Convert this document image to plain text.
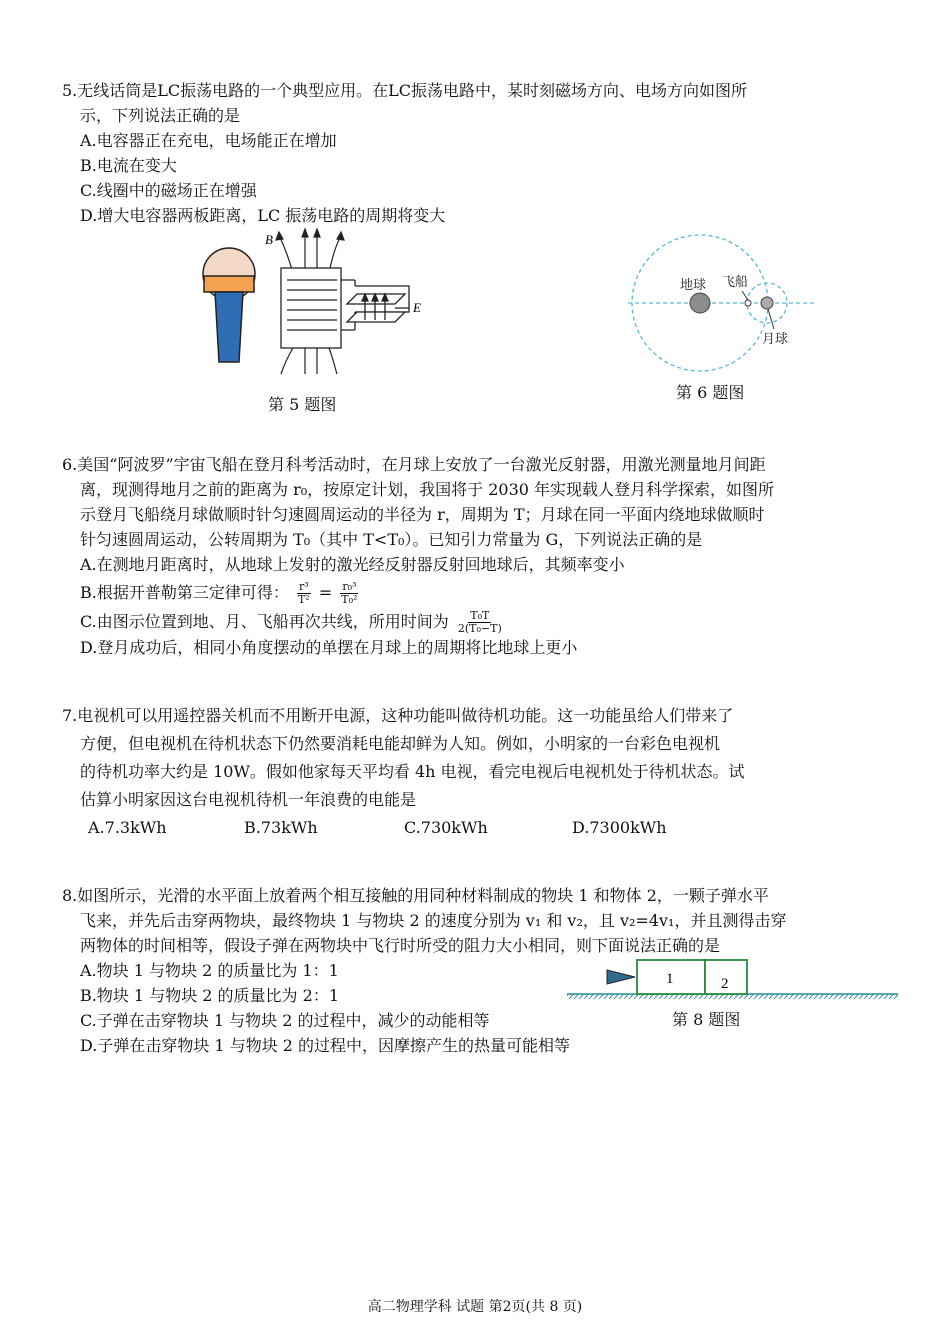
5.无线话筒是LC振荡电路的一个典型应用。在LC振荡电路中，某时刻磁场方向、电场方向如图所

示，下列说法正确的是

A.电容器正在充电，电场能正在增加

B.电流在变大

C.线圈中的磁场正在增强

D.增大电容器两板距离，LC 振荡电路的周期将变大

B
E
第 5 题图
地球 飞船
月球
第 6 题图

6.美国“阿波罗”宇宙飞船在登月科考活动时，在月球上安放了一台激光反射器，用激光测量地月间距

离，现测得地月之前的距离为 r₀，按原定计划，我国将于 2030 年实现载人登月科学探索，如图所

示登月飞船绕月球做顺时针匀速圆周运动的半径为 r，周期为 T；月球在同一平面内绕地球做顺时

针匀速圆周运动，公转周期为 T₀（其中 T<T₀）。已知引力常量为 G，下列说法正确的是

A.在测地月距离时，从地球上发射的激光经反射器反射回地球后，其频率变小

B.根据开普勒第三定律可得： $\frac{\text{r³}}{\text{T²}} = \frac{\text{r₀³}}{\text{T₀²}}$

C.由图示位置到地、月、飞船再次共线，所用时间为 $\frac{\text{T₀T}}{\text{2(T₀−T)}}$

D.登月成功后，相同小角度摆动的单摆在月球上的周期将比地球上更小

7.电视机可以用遥控器关机而不用断开电源，这种功能叫做待机功能。这一功能虽给人们带来了

方便，但电视机在待机状态下仍然要消耗电能却鲜为人知。例如，小明家的一台彩色电视机

的待机功率大约是 10W。假如他家每天平均看 4h 电视，看完电视后电视机处于待机状态。试

估算小明家因这台电视机待机一年浪费的电能是

A.7.3kWh	B.73kWh	C.730kWh	D.7300kWh

8.如图所示，光滑的水平面上放着两个相互接触的用同种材料制成的物块 1 和物体 2，一颗子弹水平

飞来，并先后击穿两物块，最终物块 1 与物块 2 的速度分别为 v₁ 和 v₂，且 v₂=4v₁，并且测得击穿

两物体的时间相等，假设子弹在两物块中飞行时所受的阻力大小相同，则下面说法正确的是

A.物块 1 与物块 2 的质量比为 1：1

B.物块 1 与物块 2 的质量比为 2：1

C.子弹在击穿物块 1 与物块 2 的过程中，减少的动能相等

D.子弹在击穿物块 1 与物块 2 的过程中，因摩擦产生的热量可能相等

1	2
第 8 题图
高二物理学科 试题 第2页(共 8 页)
